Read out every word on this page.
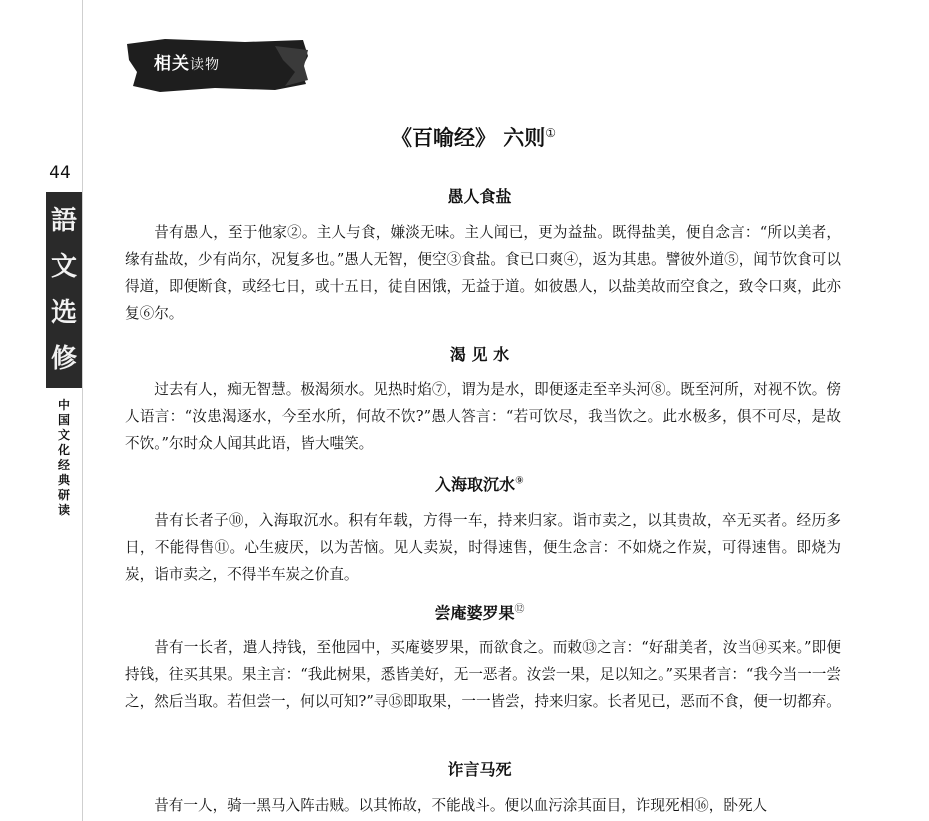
44
語
文
选
修
中国文化经典研读
相关读物
《百喻经》 六则①
愚人食盐
昔有愚人，至于他家②。主人与食，嫌淡无味。主人闻已，更为益盐。既得盐美，便自念言：“所以美者，缘有盐故，少有尚尔，况复多也。”愚人无智，便空③食盐。食已口爽④，返为其患。譬彼外道⑤，闻节饮食可以得道，即便断食，或经七日，或十五日，徒自困饿，无益于道。如彼愚人，以盐美故而空食之，致令口爽，此亦复⑥尔。
渴 见 水
过去有人，痴无智慧。极渴须水。见热时焰⑦，谓为是水，即便逐走至辛头河⑧。既至河所，对视不饮。傍人语言：“汝患渴逐水，今至水所，何故不饮?”愚人答言：“若可饮尽，我当饮之。此水极多，俱不可尽，是故不饮。”尔时众人闻其此语，皆大嗤笑。
入海取沉水⑨
昔有长者子⑩，入海取沉水。积有年载，方得一车，持来归家。诣市卖之，以其贵故，卒无买者。经历多日，不能得售⑪。心生疲厌，以为苦恼。见人卖炭，时得速售，便生念言：不如烧之作炭，可得速售。即烧为炭，诣市卖之，不得半车炭之价直。
尝庵婆罗果⑫
昔有一长者，遣人持钱，至他园中，买庵婆罗果，而欲食之。而敕⑬之言：“好甜美者，汝当⑭买来。”即便持钱，往买其果。果主言：“我此树果，悉皆美好，无一恶者。汝尝一果，足以知之。”买果者言：“我今当一一尝之，然后当取。若但尝一，何以可知?”寻⑮即取果，一一皆尝，持来归家。长者见已，恶而不食，便一切都弃。
诈言马死
昔有一人，骑一黑马入阵击贼。以其怖故，不能战斗。便以血污涂其面目，诈现死相⑯，卧死人
